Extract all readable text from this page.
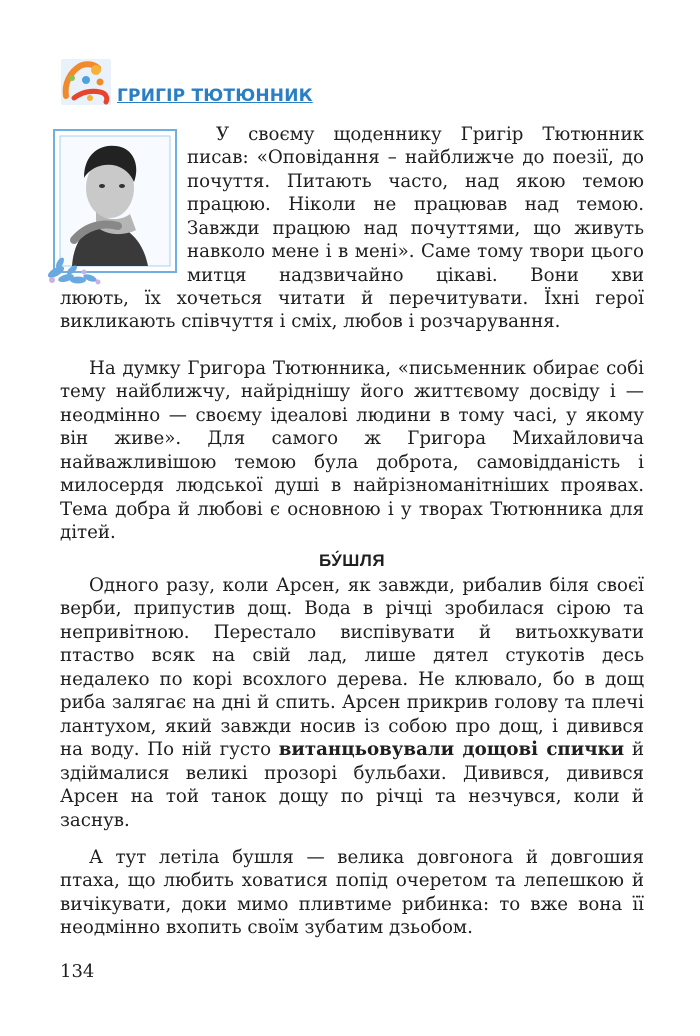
ГРИГІР ТЮТЮННИК

У своєму щоденнику Григір Тютюнник писав: «Оповідання – найближче до поезії, до почуття. Питають часто, над якою темою працюю. Ніколи не працював над темою. Завжди працюю над почуттями, що живуть навколо мене і в мені». Саме тому твори цього митця надзвичайно цікаві. Вони хви

люють, їх хочеться читати й перечитувати. Їхні герої викликають співчуття і сміх, любов і розчарування.

На думку Григора Тютюнника, «письменник обирає собі тему найближчу, найріднішу його життєвому досвіду і — неодмінно — своєму ідеалові людини в тому часі, у якому він живе». Для самого ж Григора Михайловича найважливішою темою була доброта, самовідданість і милосердя людської душі в найрізноманітніших проявах. Тема добра й любові є основною і у творах Тютюнника для дітей.

БУ́ШЛЯ

Одного разу, коли Арсен, як завжди, рибалив біля своєї верби, припустив дощ. Вода в річці зробилася сірою та непривітною. Перестало виспівувати й витьохкувати птаство всяк на свій лад, лише дятел стукотів десь недалеко по корі всохлого дерева. Не клювало, бо в дощ риба залягає на дні й спить. Арсен прикрив голову та плечі лантухом, який завжди носив із собою про дощ, і дивився на воду. По ній густо витанцьовували дощові спички й здіймалися великі прозорі бульбахи. Дивився, дивився Арсен на той танок дощу по річці та незчувся, коли й заснув.

А тут летіла бушля — велика довгонога й довгошия птаха, що любить ховатися попід очеретом та лепешкою й вичікувати, доки мимо пливтиме рибинка: то вже вона її неодмінно вхопить своїм зубатим дзьобом.

134
